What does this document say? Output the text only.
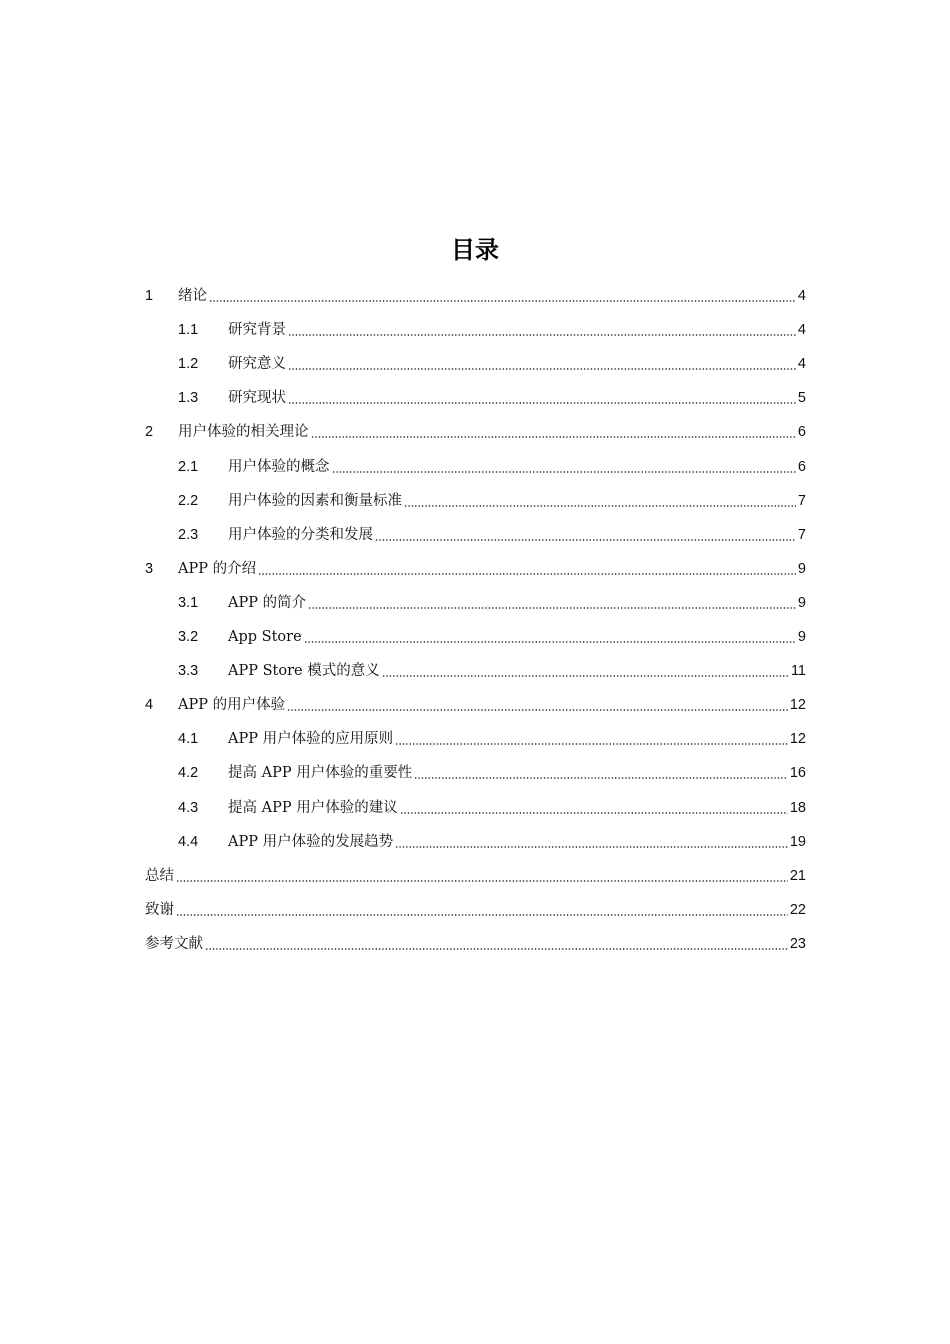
目录
1	绪论	4
1.1	研究背景	4
1.2	研究意义	4
1.3	研究现状	5
2	用户体验的相关理论	6
2.1	用户体验的概念	6
2.2	用户体验的因素和衡量标准	7
2.3	用户体验的分类和发展	7
3	APP 的介绍	9
3.1	APP 的简介	9
3.2	App Store	9
3.3	APP Store 模式的意义	11
4	APP 的用户体验	12
4.1	APP 用户体验的应用原则	12
4.2	提高 APP 用户体验的重要性	16
4.3	提高 APP 用户体验的建议	18
4.4	APP 用户体验的发展趋势	19
总结	21
致谢	22
参考文献	23
